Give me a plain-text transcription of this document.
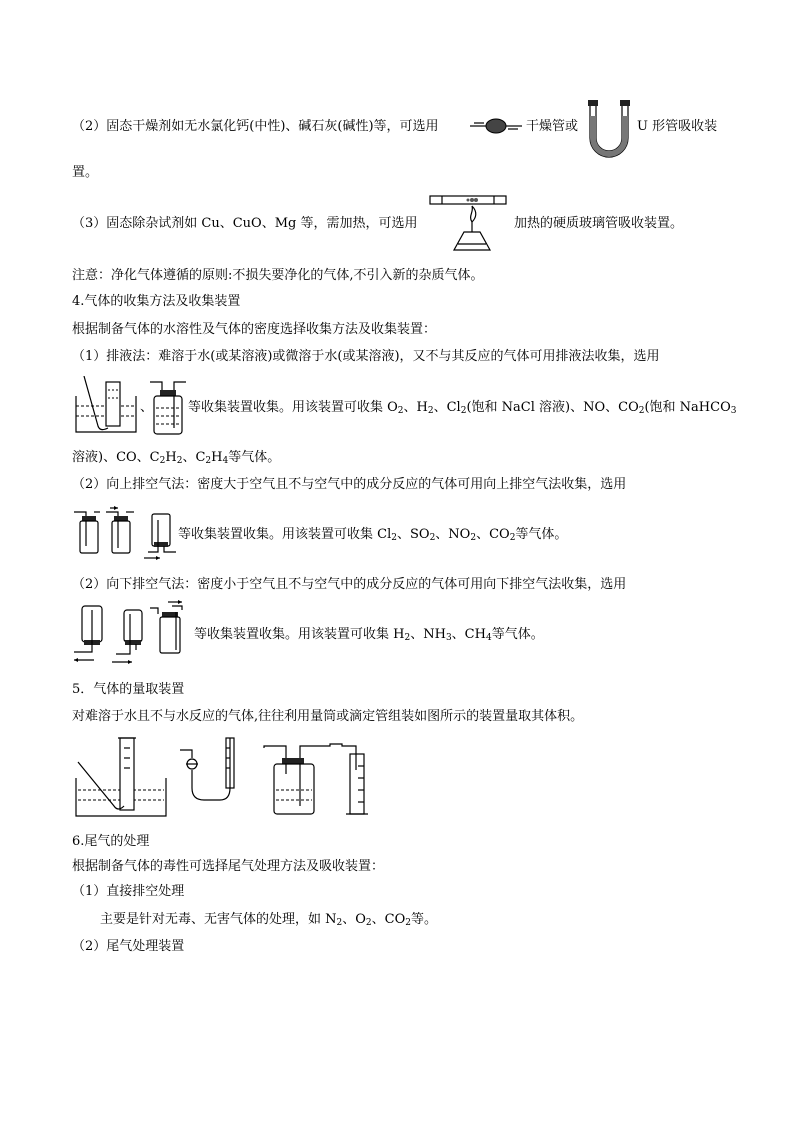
（2）固态干燥剂如无水氯化钙(中性)、碱石灰(碱性)等，可选用	干燥管或	U 形管吸收装
置。
（3）固态除杂试剂如 Cu、CuO、Mg 等，需加热，可选用	加热的硬质玻璃管吸收装置。
注意：净化气体遵循的原则:不损失要净化的气体,不引入新的杂质气体。
4.气体的收集方法及收集装置
根据制备气体的水溶性及气体的密度选择收集方法及收集装置：
（1）排液法：难溶于水(或某溶液)或微溶于水(或某溶液)，又不与其反应的气体可用排液法收集，选用
、	等收集装置收集。用该装置可收集 $O_2$、$H_2$、$Cl_2$(饱和 NaCl 溶液)、NO、$CO_2$(饱和 NaHCO$_3$
溶液)、CO、$C_2H_2$、$C_2H_4$等气体。
（2）向上排空气法：密度大于空气且不与空气中的成分反应的气体可用向上排空气法收集，选用
等收集装置收集。用该装置可收集 $Cl_2$、$SO_2$、$NO_2$、$CO_2$等气体。
（2）向下排空气法：密度小于空气且不与空气中的成分反应的气体可用向下排空气法收集，选用
等收集装置收集。用该装置可收集 $H_2$、$NH_3$、$CH_4$等气体。
5．气体的量取装置
对难溶于水且不与水反应的气体,往往利用量筒或滴定管组装如图所示的装置量取其体积。
6.尾气的处理
根据制备气体的毒性可选择尾气处理方法及吸收装置：
（1）直接排空处理
主要是针对无毒、无害气体的处理，如 $N_2$、$O_2$、$CO_2$等。
（2）尾气处理装置
